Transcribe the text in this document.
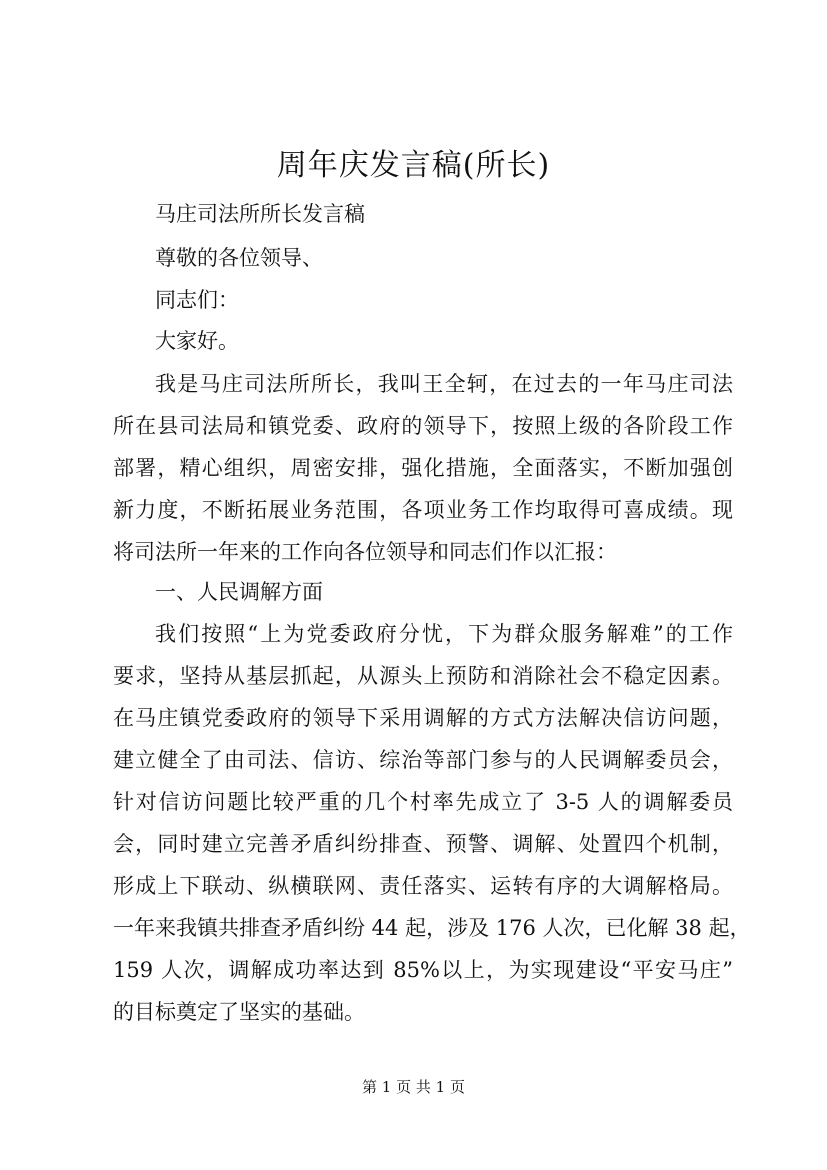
周年庆发言稿(所长)

马庄司法所所长发言稿

尊敬的各位领导、

同志们：

大家好。

我是马庄司法所所长，我叫王全轲，在过去的一年马庄司法

所在县司法局和镇党委、政府的领导下，按照上级的各阶段工作

部署，精心组织，周密安排，强化措施，全面落实，不断加强创

新力度，不断拓展业务范围，各项业务工作均取得可喜成绩。现

将司法所一年来的工作向各位领导和同志们作以汇报：

一、人民调解方面

我们按照“上为党委政府分忧，下为群众服务解难”的工作

要求，坚持从基层抓起，从源头上预防和消除社会不稳定因素。

在马庄镇党委政府的领导下采用调解的方式方法解决信访问题，

建立健全了由司法、信访、综治等部门参与的人民调解委员会，

针对信访问题比较严重的几个村率先成立了 3-5 人的调解委员

会，同时建立完善矛盾纠纷排查、预警、调解、处置四个机制，

形成上下联动、纵横联网、责任落实、运转有序的大调解格局。

一年来我镇共排查矛盾纠纷 44 起，涉及 176 人次，已化解 38 起，

159 人次，调解成功率达到 85%以上，为实现建设“平安马庄”

的目标奠定了坚实的基础。

第 1 页 共 1 页
